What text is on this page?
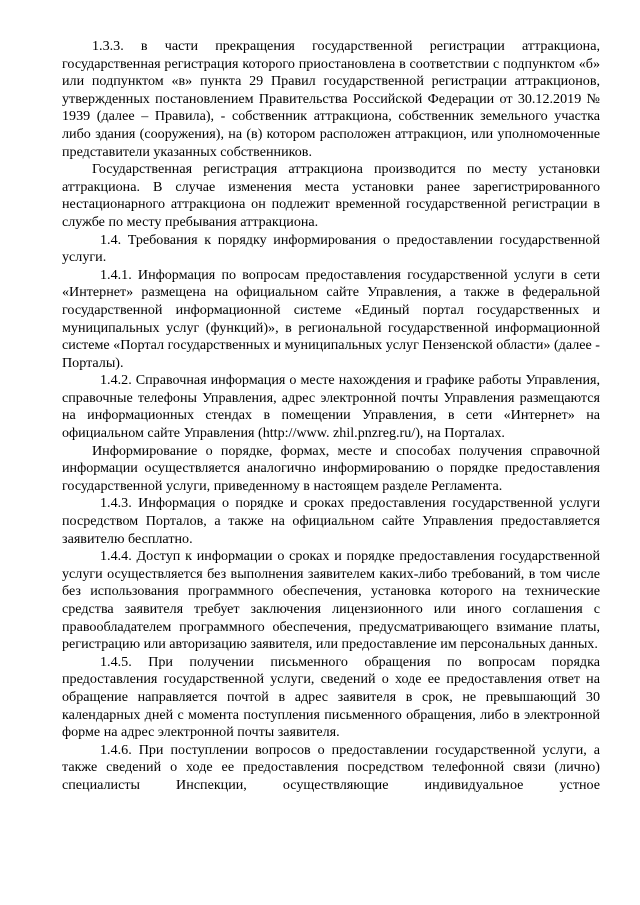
1.3.3. в части прекращения государственной регистрации аттракциона, государственная регистрация которого приостановлена в соответствии с подпунктом «б» или подпунктом «в» пункта 29 Правил государственной регистрации аттракционов, утвержденных постановлением Правительства Российской Федерации от 30.12.2019 № 1939 (далее – Правила), - собственник аттракциона, собственник земельного участка либо здания (сооружения), на (в) котором расположен аттракцион, или уполномоченные представители указанных собственников.

Государственная регистрация аттракциона производится по месту установки аттракциона. В случае изменения места установки ранее зарегистрированного нестационарного аттракциона он подлежит временной государственной регистрации в службе по месту пребывания аттракциона.

1.4. Требования к порядку информирования о предоставлении государственной услуги.

1.4.1. Информация по вопросам предоставления государственной услуги в сети «Интернет» размещена на официальном сайте Управления, а также в федеральной государственной информационной системе «Единый портал государственных и муниципальных услуг (функций)», в региональной государственной информационной системе «Портал государственных и муниципальных услуг Пензенской области» (далее - Порталы).

1.4.2. Справочная информация о месте нахождения и графике работы Управления, справочные телефоны Управления, адрес электронной почты Управления размещаются на информационных стендах в помещении Управления, в сети «Интернет» на официальном сайте Управления (http://www. zhil.pnzreg.ru/), на Порталах.

Информирование о порядке, формах, месте и способах получения справочной информации осуществляется аналогично информированию о порядке предоставления государственной услуги, приведенному в настоящем разделе Регламента.

1.4.3. Информация о порядке и сроках предоставления государственной услуги посредством Порталов, а также на официальном сайте Управления предоставляется заявителю бесплатно.

1.4.4. Доступ к информации о сроках и порядке предоставления государственной услуги осуществляется без выполнения заявителем каких-либо требований, в том числе без использования программного обеспечения, установка которого на технические средства заявителя требует заключения лицензионного или иного соглашения с правообладателем программного обеспечения, предусматривающего взимание платы, регистрацию или авторизацию заявителя, или предоставление им персональных данных.

1.4.5. При получении письменного обращения по вопросам порядка предоставления государственной услуги, сведений о ходе ее предоставления ответ на обращение направляется почтой в адрес заявителя в срок, не превышающий 30 календарных дней с момента поступления письменного обращения, либо в электронной форме на адрес электронной почты заявителя.

1.4.6. При поступлении вопросов о предоставлении государственной услуги, а также сведений о ходе ее предоставления посредством телефонной связи (лично) специалисты Инспекции, осуществляющие индивидуальное устное
